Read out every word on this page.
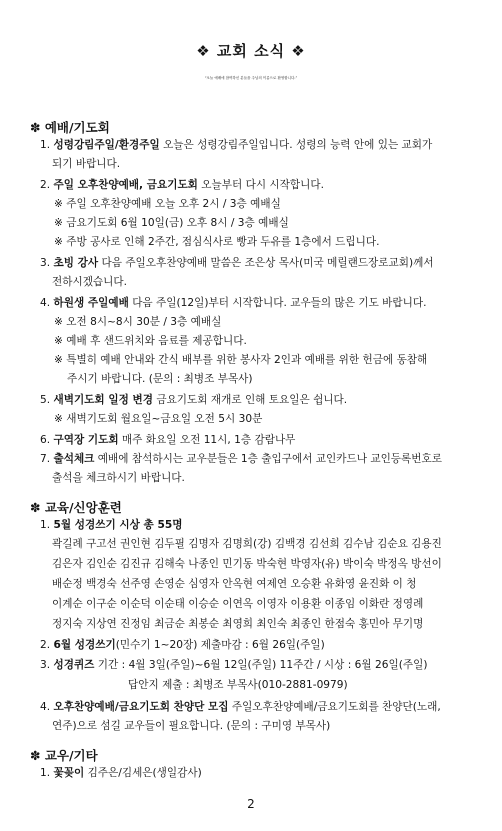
❖ 교회 소식 ❖
“오늘 예배에 참여하신 분들을 주님의 이름으로 환영합니다.”
✽ 예배/기도회
1. 성령강림주일/환경주일 오늘은 성령강림주일입니다. 성령의 능력 안에 있는 교회가
되기 바랍니다.
2. 주일 오후찬양예배, 금요기도회 오늘부터 다시 시작합니다.
※ 주일 오후찬양예배 오늘 오후 2시 / 3층 예배실
※ 금요기도회 6월 10일(금) 오후 8시 / 3층 예배실
※ 주방 공사로 인해 2주간, 점심식사로 빵과 두유를 1층에서 드립니다.
3. 초빙 강사 다음 주일오후찬양예배 말씀은 조은상 목사(미국 메릴랜드장로교회)께서
전하시겠습니다.
4. 하원생 주일예배 다음 주일(12일)부터 시작합니다. 교우들의 많은 기도 바랍니다.
※ 오전 8시~8시 30분 / 3층 예배실
※ 예배 후 샌드위치와 음료를 제공합니다.
※ 특별히 예배 안내와 간식 배부를 위한 봉사자 2인과 예배를 위한 헌금에 동참해
주시기 바랍니다. (문의 : 최병조 부목사)
5. 새벽기도회 일정 변경 금요기도회 재개로 인해 토요일은 쉽니다.
※ 새벽기도회 월요일~금요일 오전 5시 30분
6. 구역장 기도회 매주 화요일 오전 11시, 1층 감람나무
7. 출석체크 예배에 참석하시는 교우분들은 1층 출입구에서 교인카드나 교인등록번호로
출석을 체크하시기 바랍니다.
✽ 교육/신앙훈련
1. 5월 성경쓰기 시상 총 55명
곽길례 구고선 권인현 김두필 김명자 김명희(강) 김백경 김선희 김수남 김순요 김용진
김은자 김인순 김진규 김해숙 나종인 민기동 박숙현 박영자(유) 박이숙 박정옥 방선이
배순정 백경숙 선주영 손영순 심영자 안옥현 여제연 오승환 유화영 윤진화 이 청
이계순 이구순 이순덕 이순태 이승순 이연옥 이영자 이용환 이종임 이화란 정영례
정지숙 지상연 진정임 최금순 최봉순 최영희 최인숙 최종인 한점숙 홍민아 무기명
2. 6월 성경쓰기(민수기 1~20장) 제출마감 : 6월 26일(주일)
3. 성경퀴즈 기간 : 4월 3일(주일)~6월 12일(주일) 11주간 / 시상 : 6월 26일(주일)
답안지 제출 : 최병조 부목사(010-2881-0979)
4. 오후찬양예배/금요기도회 찬양단 모집 주일오후찬양예배/금요기도회를 찬양단(노래,
연주)으로 섬길 교우들이 필요합니다. (문의 : 구미영 부목사)
✽ 교우/기타
1. 꽃꽂이 김주은/김세은(생일감사)
2
